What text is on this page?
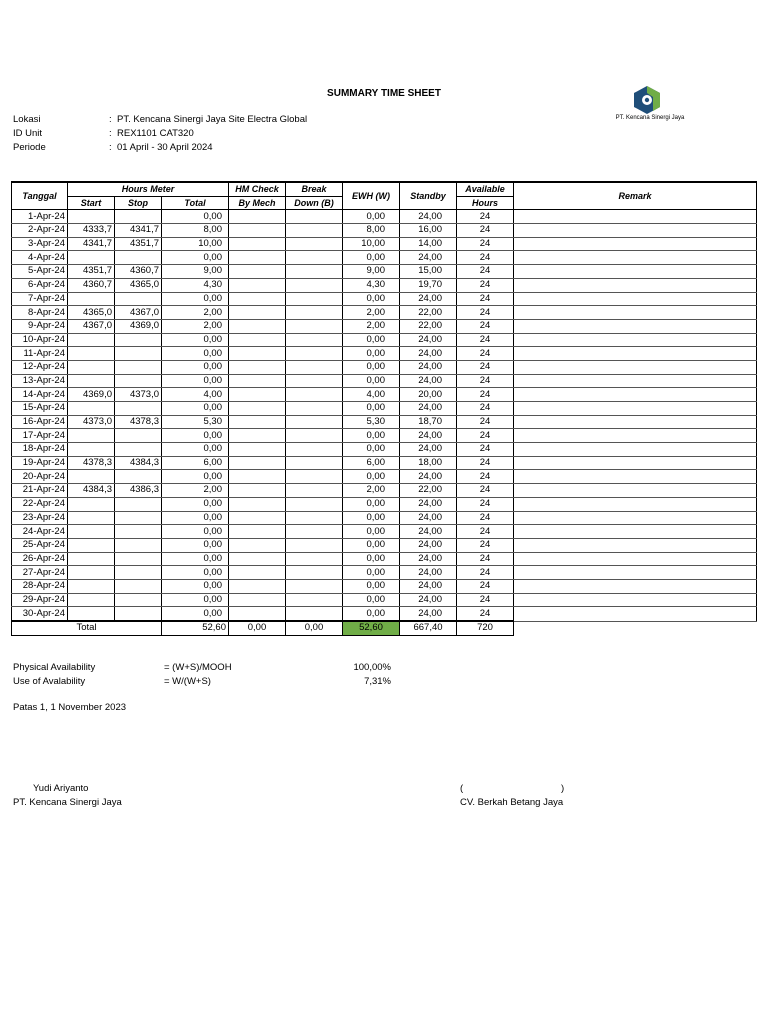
SUMMARY TIME SHEET
PT. Kencana Sinergi Jaya
Lokasi	: PT. Kencana Sinergi Jaya Site Electra Global
ID Unit	: REX1101 CAT320
Periode	: 01 April - 30 April 2024
Tanggal	Hours Meter			HM Check	Break	EWH (W)	Standby	Available	Remark
	Start	Stop	Total	By Mech	Down (B)			Hours	
1-Apr-24			0,00			0,00	24,00	24	
2-Apr-24	4333,7	4341,7	8,00			8,00	16,00	24	
3-Apr-24	4341,7	4351,7	10,00			10,00	14,00	24	
4-Apr-24			0,00			0,00	24,00	24	
5-Apr-24	4351,7	4360,7	9,00			9,00	15,00	24	
6-Apr-24	4360,7	4365,0	4,30			4,30	19,70	24	
7-Apr-24			0,00			0,00	24,00	24	
8-Apr-24	4365,0	4367,0	2,00			2,00	22,00	24	
9-Apr-24	4367,0	4369,0	2,00			2,00	22,00	24	
10-Apr-24			0,00			0,00	24,00	24	
11-Apr-24			0,00			0,00	24,00	24	
12-Apr-24			0,00			0,00	24,00	24	
13-Apr-24			0,00			0,00	24,00	24	
14-Apr-24	4369,0	4373,0	4,00			4,00	20,00	24	
15-Apr-24			0,00			0,00	24,00	24	
16-Apr-24	4373,0	4378,3	5,30			5,30	18,70	24	
17-Apr-24			0,00			0,00	24,00	24	
18-Apr-24			0,00			0,00	24,00	24	
19-Apr-24	4378,3	4384,3	6,00			6,00	18,00	24	
20-Apr-24			0,00			0,00	24,00	24	
21-Apr-24	4384,3	4386,3	2,00			2,00	22,00	24	
22-Apr-24			0,00			0,00	24,00	24	
23-Apr-24			0,00			0,00	24,00	24	
24-Apr-24			0,00			0,00	24,00	24	
25-Apr-24			0,00			0,00	24,00	24	
26-Apr-24			0,00			0,00	24,00	24	
27-Apr-24			0,00			0,00	24,00	24	
28-Apr-24			0,00			0,00	24,00	24	
29-Apr-24			0,00			0,00	24,00	24	
30-Apr-24			0,00			0,00	24,00	24	
Total			52,60	0,00	0,00	52,60	667,40	720	
Physical Availability	= (W+S)/MOOH	100,00%
Use of Avalability	= W/(W+S)	7,31%
Patas 1, 1 November 2023
Yudi Ariyanto
PT. Kencana Sinergi Jaya
(	)
CV. Berkah Betang Jaya
